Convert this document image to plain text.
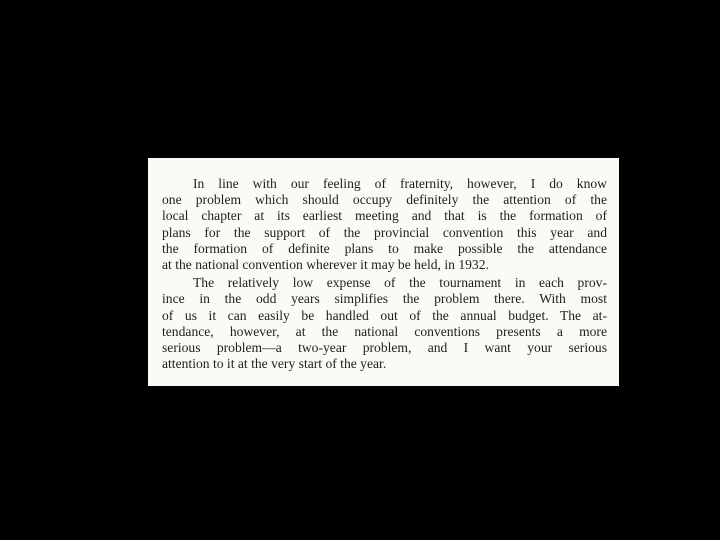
In line with our feeling of fraternity, however, I do know
one problem which should occupy definitely the attention of the
local chapter at its earliest meeting and that is the formation of
plans for the support of the provincial convention this year and
the formation of definite plans to make possible the attendance
at the national convention wherever it may be held, in 1932.

The relatively low expense of the tournament in each prov-
ince in the odd years simplifies the problem there. With most
of us it can easily be handled out of the annual budget. The at-
tendance, however, at the national conventions presents a more
serious problem—a two-year problem, and I want your serious
attention to it at the very start of the year.
